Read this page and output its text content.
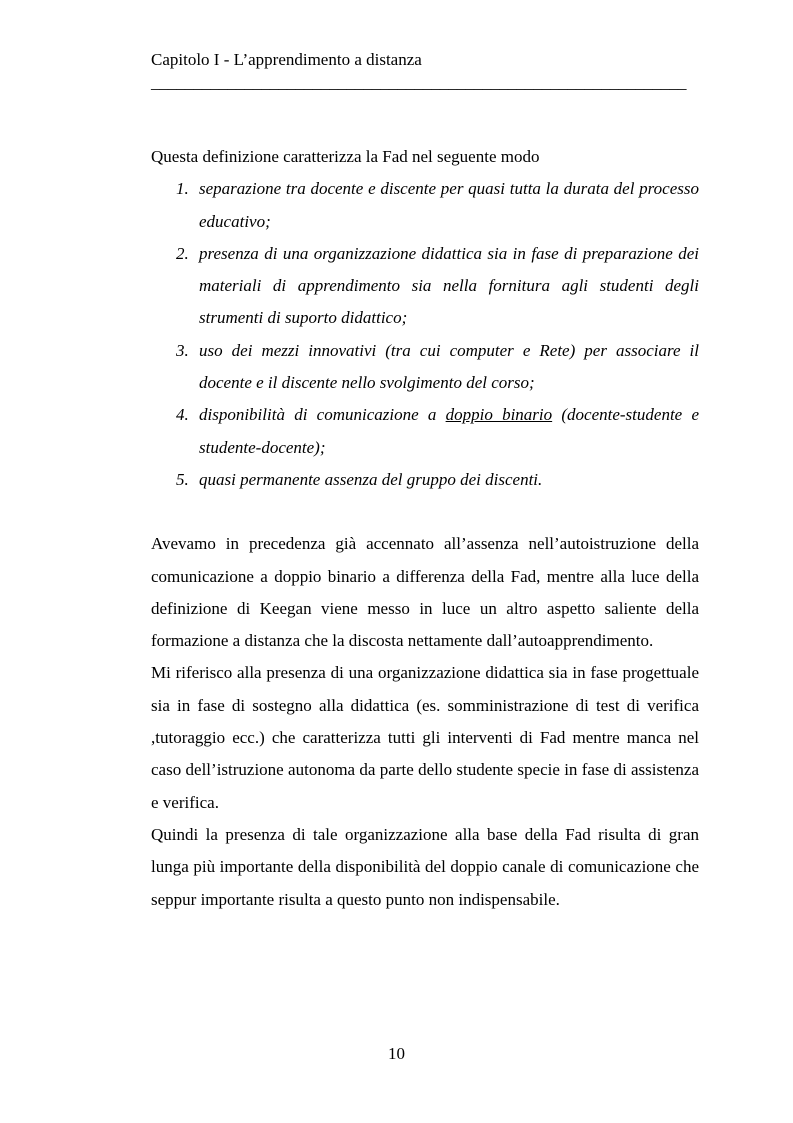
Capitolo I - L’apprendimento a distanza
_______________________________________________________________

Questa definizione caratterizza la Fad nel seguente modo

1. separazione tra docente e discente per quasi tutta la durata del processo educativo;
2. presenza di una organizzazione didattica sia in fase di preparazione dei materiali di apprendimento sia nella fornitura agli studenti degli strumenti di suporto didattico;
3. uso dei mezzi innovativi (tra cui computer e Rete) per associare il docente e il discente nello svolgimento del corso;
4. disponibilità di comunicazione a doppio binario (docente-studente e studente-docente);
5. quasi permanente assenza del gruppo dei discenti.

Avevamo in precedenza già accennato all’assenza nell’autoistruzione della comunicazione a doppio binario a differenza della Fad, mentre alla luce della definizione di Keegan viene messo in luce un altro aspetto saliente della formazione a distanza che la discosta nettamente dall’autoapprendimento.

Mi riferisco alla presenza di una organizzazione didattica sia in fase progettuale sia in fase di sostegno alla didattica (es. somministrazione di test di verifica ,tutoraggio ecc.) che caratterizza tutti gli interventi di Fad mentre manca nel caso dell’istruzione autonoma da parte dello studente specie in fase di assistenza e verifica.

Quindi la presenza di tale organizzazione alla base della Fad risulta di gran lunga più importante della disponibilità del doppio canale di comunicazione che seppur importante risulta a questo punto non indispensabile.

10
